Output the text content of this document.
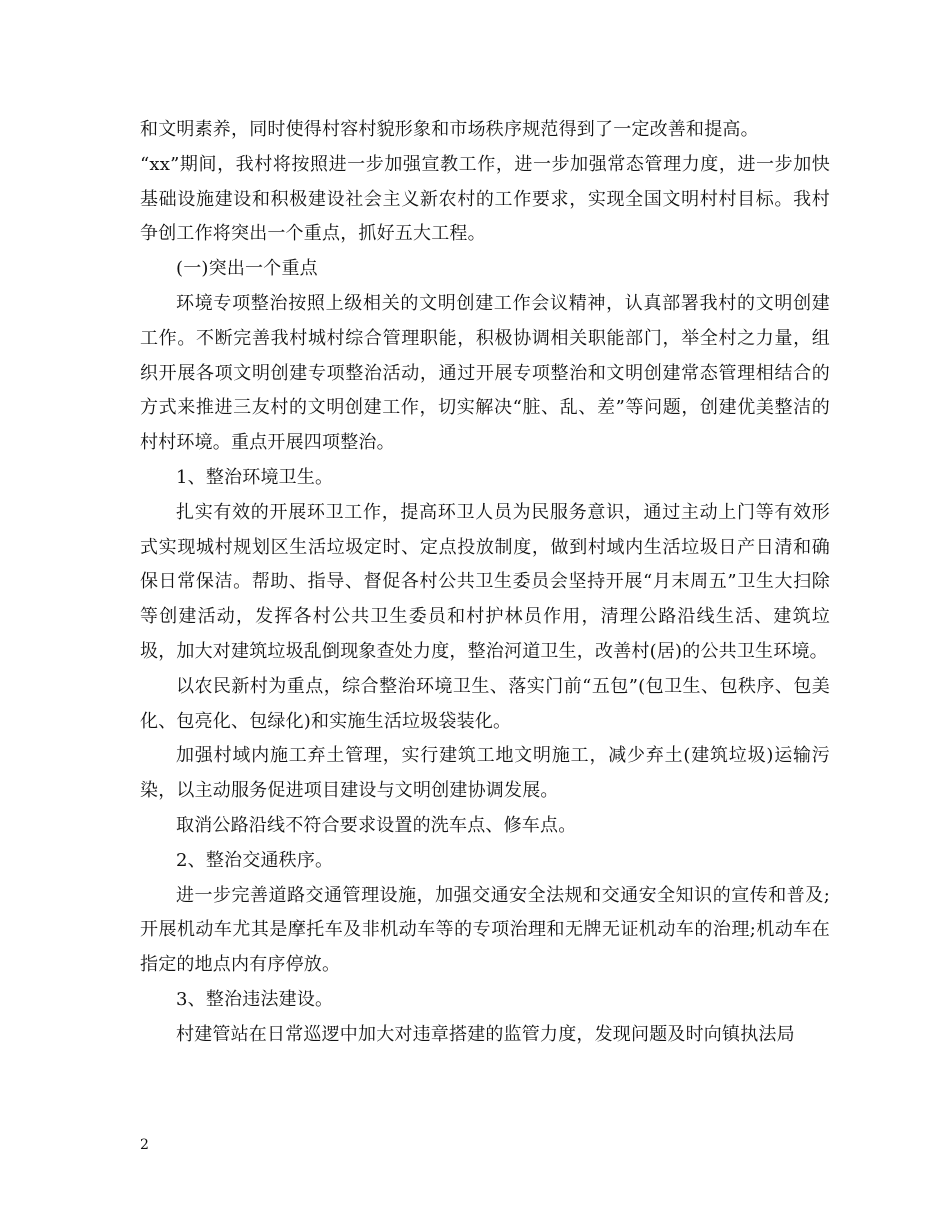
和文明素养，同时使得村容村貌形象和市场秩序规范得到了一定改善和提高。

“xx”期间，我村将按照进一步加强宣教工作，进一步加强常态管理力度，进一步加快基础设施建设和积极建设社会主义新农村的工作要求，实现全国文明村村目标。我村争创工作将突出一个重点，抓好五大工程。

(一)突出一个重点

环境专项整治按照上级相关的文明创建工作会议精神，认真部署我村的文明创建工作。不断完善我村城村综合管理职能，积极协调相关职能部门，举全村之力量，组织开展各项文明创建专项整治活动，通过开展专项整治和文明创建常态管理相结合的方式来推进三友村的文明创建工作，切实解决“脏、乱、差”等问题，创建优美整洁的村村环境。重点开展四项整治。

1、整治环境卫生。

扎实有效的开展环卫工作，提高环卫人员为民服务意识，通过主动上门等有效形式实现城村规划区生活垃圾定时、定点投放制度，做到村域内生活垃圾日产日清和确保日常保洁。帮助、指导、督促各村公共卫生委员会坚持开展“月末周五”卫生大扫除等创建活动，发挥各村公共卫生委员和村护林员作用，清理公路沿线生活、建筑垃圾，加大对建筑垃圾乱倒现象查处力度，整治河道卫生，改善村(居)的公共卫生环境。

以农民新村为重点，综合整治环境卫生、落实门前“五包”(包卫生、包秩序、包美化、包亮化、包绿化)和实施生活垃圾袋装化。

加强村域内施工弃土管理，实行建筑工地文明施工，减少弃土(建筑垃圾)运输污染，以主动服务促进项目建设与文明创建协调发展。

取消公路沿线不符合要求设置的洗车点、修车点。

2、整治交通秩序。

进一步完善道路交通管理设施，加强交通安全法规和交通安全知识的宣传和普及;开展机动车尤其是摩托车及非机动车等的专项治理和无牌无证机动车的治理;机动车在指定的地点内有序停放。

3、整治违法建设。

村建管站在日常巡逻中加大对违章搭建的监管力度，发现问题及时向镇执法局

2
